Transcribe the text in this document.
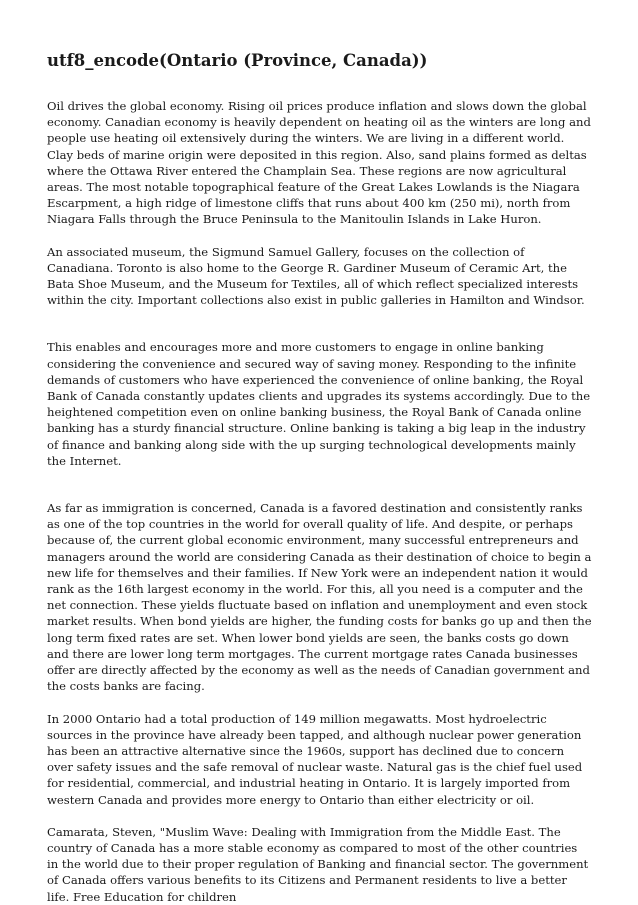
utf8_encode(Ontario (Province, Canada))

Oil drives the global economy. Rising oil prices produce inflation and slows down the global economy. Canadian economy is heavily dependent on heating oil as the winters are long and people use heating oil extensively during the winters. We are living in a different world. Clay beds of marine origin were deposited in this region. Also, sand plains formed as deltas where the Ottawa River entered the Champlain Sea. These regions are now agricultural areas. The most notable topographical feature of the Great Lakes Lowlands is the Niagara Escarpment, a high ridge of limestone cliffs that runs about 400 km (250 mi), north from Niagara Falls through the Bruce Peninsula to the Manitoulin Islands in Lake Huron.

An associated museum, the Sigmund Samuel Gallery, focuses on the collection of Canadiana. Toronto is also home to the George R. Gardiner Museum of Ceramic Art, the Bata Shoe Museum, and the Museum for Textiles, all of which reflect specialized interests within the city. Important collections also exist in public galleries in Hamilton and Windsor.

This enables and encourages more and more customers to engage in online banking considering the convenience and secured way of saving money. Responding to the infinite demands of customers who have experienced the convenience of online banking, the Royal Bank of Canada constantly updates clients and upgrades its systems accordingly. Due to the heightened competition even on online banking business, the Royal Bank of Canada online banking has a sturdy financial structure. Online banking is taking a big leap in the industry of finance and banking along side with the up surging technological developments mainly the Internet.

As far as immigration is concerned, Canada is a favored destination and consistently ranks as one of the top countries in the world for overall quality of life. And despite, or perhaps because of, the current global economic environment, many successful entrepreneurs and managers around the world are considering Canada as their destination of choice to begin a new life for themselves and their families. If New York were an independent nation it would rank as the 16th largest economy in the world. For this, all you need is a computer and the net connection. These yields fluctuate based on inflation and unemployment and even stock market results. When bond yields are higher, the funding costs for banks go up and then the long term fixed rates are set. When lower bond yields are seen, the banks costs go down and there are lower long term mortgages. The current mortgage rates Canada businesses offer are directly affected by the economy as well as the needs of Canadian government and the costs banks are facing.

In 2000 Ontario had a total production of 149 million megawatts. Most hydroelectric sources in the province have already been tapped, and although nuclear power generation has been an attractive alternative since the 1960s, support has declined due to concern over safety issues and the safe removal of nuclear waste. Natural gas is the chief fuel used for residential, commercial, and industrial heating in Ontario. It is largely imported from western Canada and provides more energy to Ontario than either electricity or oil.

Camarata, Steven, "Muslim Wave: Dealing with Immigration from the Middle East. The country of Canada has a more stable economy as compared to most of the other countries in the world due to their proper regulation of Banking and financial sector. The government of Canada offers various benefits to its Citizens and Permanent residents to live a better life. Free Education for children
